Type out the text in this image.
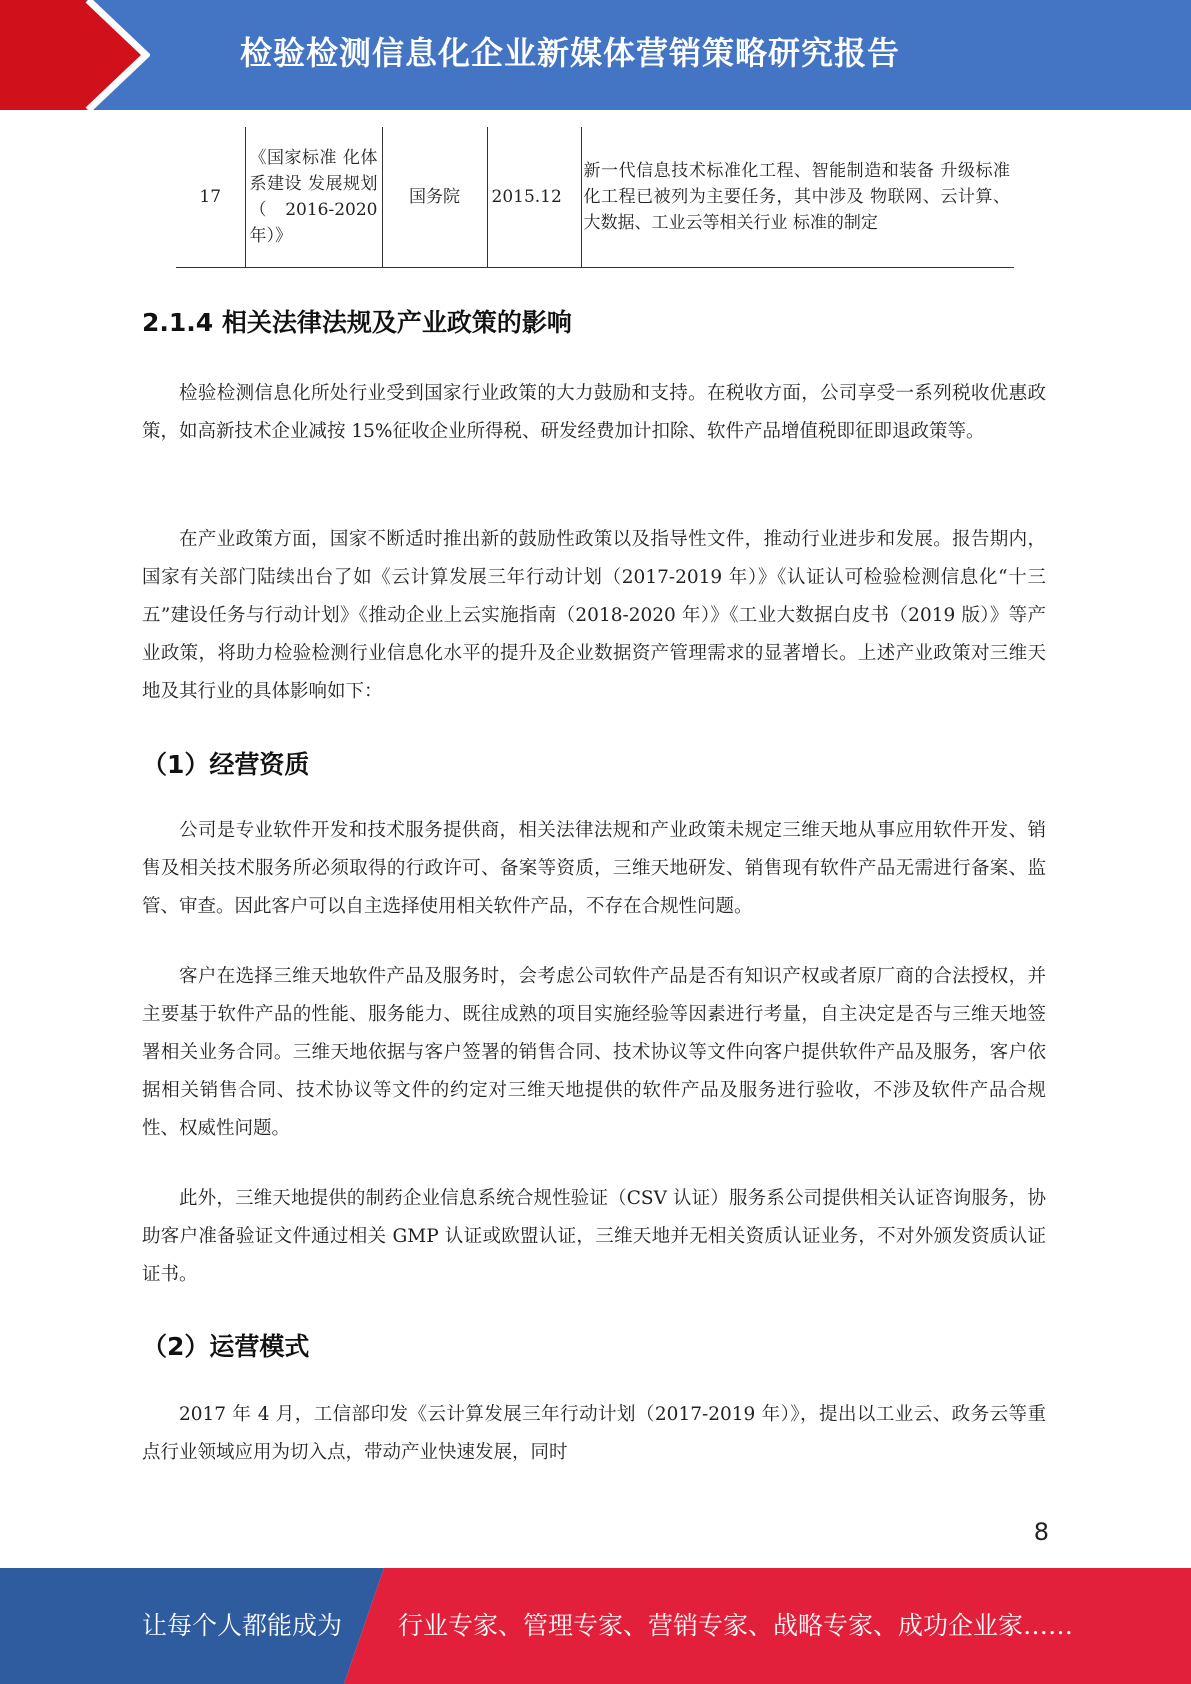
检验检测信息化企业新媒体营销策略研究报告
17	《国家标准 化体系建设 发展规划 （ 2016-2020 年）》	国务院	2015.12	新一代信息技术标准化工程、智能制造和装备 升级标准化工程已被列为主要任务，其中涉及 物联网、云计算、大数据、工业云等相关行业 标准的制定
2.1.4 相关法律法规及产业政策的影响

检验检测信息化所处行业受到国家行业政策的大力鼓励和支持。在税收方面，公司享受一系列税收优惠政策，如高新技术企业减按 15%征收企业所得税、研发经费加计扣除、软件产品增值税即征即退政策等。

在产业政策方面，国家不断适时推出新的鼓励性政策以及指导性文件，推动行业进步和发展。报告期内，国家有关部门陆续出台了如《云计算发展三年行动计划（2017-2019 年）》《认证认可检验检测信息化“十三五”建设任务与行动计划》《推动企业上云实施指南（2018-2020 年）》《工业大数据白皮书（2019 版）》等产业政策，将助力检验检测行业信息化水平的提升及企业数据资产管理需求的显著增长。上述产业政策对三维天地及其行业的具体影响如下：

（1）经营资质

公司是专业软件开发和技术服务提供商，相关法律法规和产业政策未规定三维天地从事应用软件开发、销售及相关技术服务所必须取得的行政许可、备案等资质，三维天地研发、销售现有软件产品无需进行备案、监管、审查。因此客户可以自主选择使用相关软件产品，不存在合规性问题。

客户在选择三维天地软件产品及服务时，会考虑公司软件产品是否有知识产权或者原厂商的合法授权，并主要基于软件产品的性能、服务能力、既往成熟的项目实施经验等因素进行考量，自主决定是否与三维天地签署相关业务合同。三维天地依据与客户签署的销售合同、技术协议等文件向客户提供软件产品及服务，客户依据相关销售合同、技术协议等文件的约定对三维天地提供的软件产品及服务进行验收，不涉及软件产品合规性、权威性问题。

此外，三维天地提供的制药企业信息系统合规性验证（CSV 认证）服务系公司提供相关认证咨询服务，协助客户准备验证文件通过相关 GMP 认证或欧盟认证，三维天地并无相关资质认证业务，不对外颁发资质认证证书。

（2）运营模式

2017 年 4 月，工信部印发《云计算发展三年行动计划（2017-2019 年）》，提出以工业云、政务云等重点行业领域应用为切入点，带动产业快速发展，同时

8
让每个人都能成为 行业专家、管理专家、营销专家、战略专家、成功企业家……
